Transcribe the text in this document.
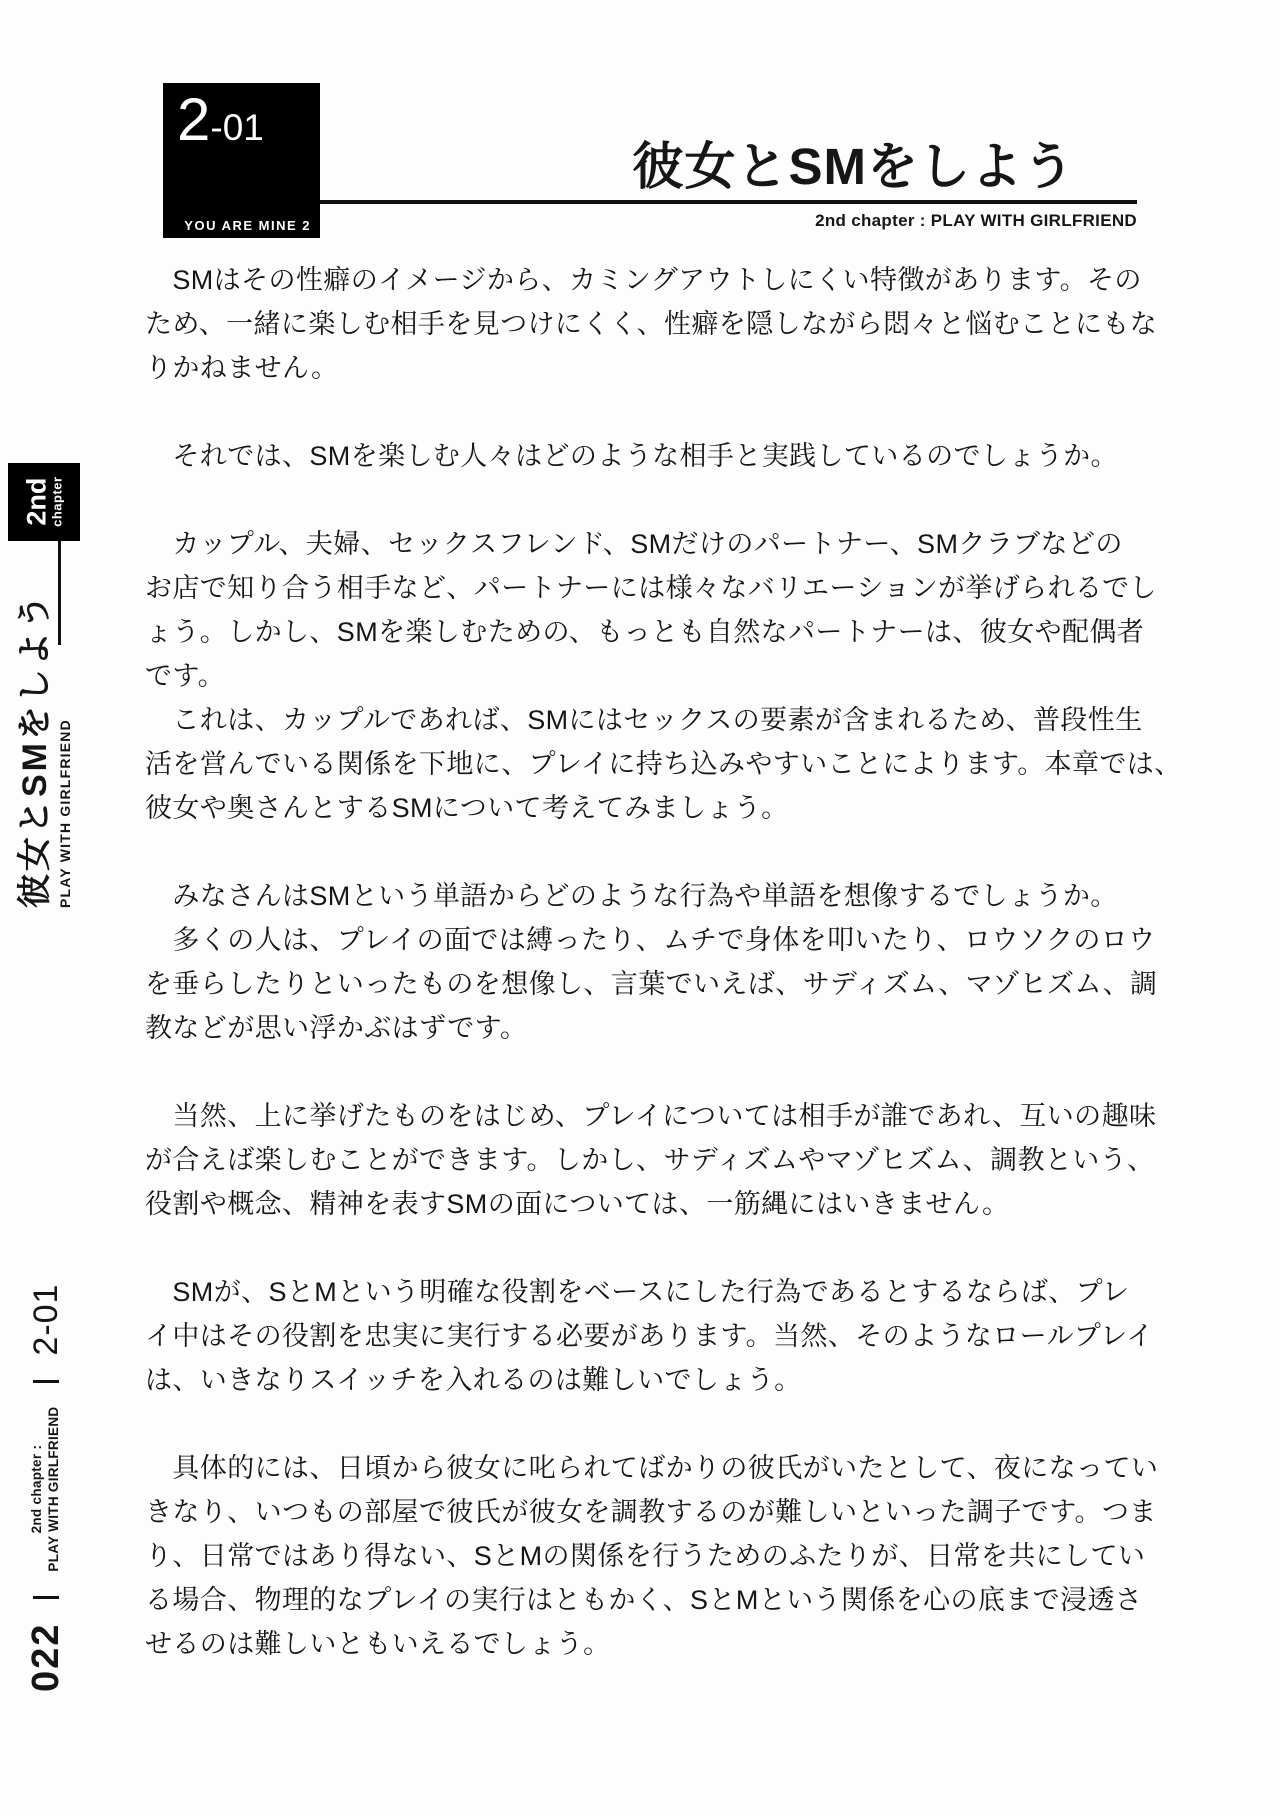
2-01
YOU ARE MINE 2
彼女とSMをしよう
2nd chapter : PLAY WITH GIRLFRIEND
2nd
chapter
彼女とSMをしよう PLAY WITH GIRLFRIEND
022
2nd chapter : PLAY WITH GIRLFRIEND
2-01
　SMはその性癖のイメージから、カミングアウトしにくい特徴があります。その
ため、一緒に楽しむ相手を見つけにくく、性癖を隠しながら悶々と悩むことにもな
りかねません。
　それでは、SMを楽しむ人々はどのような相手と実践しているのでしょうか。
　カップル、夫婦、セックスフレンド、SMだけのパートナー、SMクラブなどの
お店で知り合う相手など、パートナーには様々なバリエーションが挙げられるでし
ょう。しかし、SMを楽しむための、もっとも自然なパートナーは、彼女や配偶者
です。
　これは、カップルであれば、SMにはセックスの要素が含まれるため、普段性生
活を営んでいる関係を下地に、プレイに持ち込みやすいことによります。本章では、
彼女や奥さんとするSMについて考えてみましょう。
　みなさんはSMという単語からどのような行為や単語を想像するでしょうか。
　多くの人は、プレイの面では縛ったり、ムチで身体を叩いたり、ロウソクのロウ
を垂らしたりといったものを想像し、言葉でいえば、サディズム、マゾヒズム、調
教などが思い浮かぶはずです。
　当然、上に挙げたものをはじめ、プレイについては相手が誰であれ、互いの趣味
が合えば楽しむことができます。しかし、サディズムやマゾヒズム、調教という、
役割や概念、精神を表すSMの面については、一筋縄にはいきません。
　SMが、SとMという明確な役割をベースにした行為であるとするならば、プレ
イ中はその役割を忠実に実行する必要があります。当然、そのようなロールプレイ
は、いきなりスイッチを入れるのは難しいでしょう。
　具体的には、日頃から彼女に叱られてばかりの彼氏がいたとして、夜になってい
きなり、いつもの部屋で彼氏が彼女を調教するのが難しいといった調子です。つま
り、日常ではあり得ない、SとMの関係を行うためのふたりが、日常を共にしてい
る場合、物理的なプレイの実行はともかく、SとMという関係を心の底まで浸透さ
せるのは難しいともいえるでしょう。
